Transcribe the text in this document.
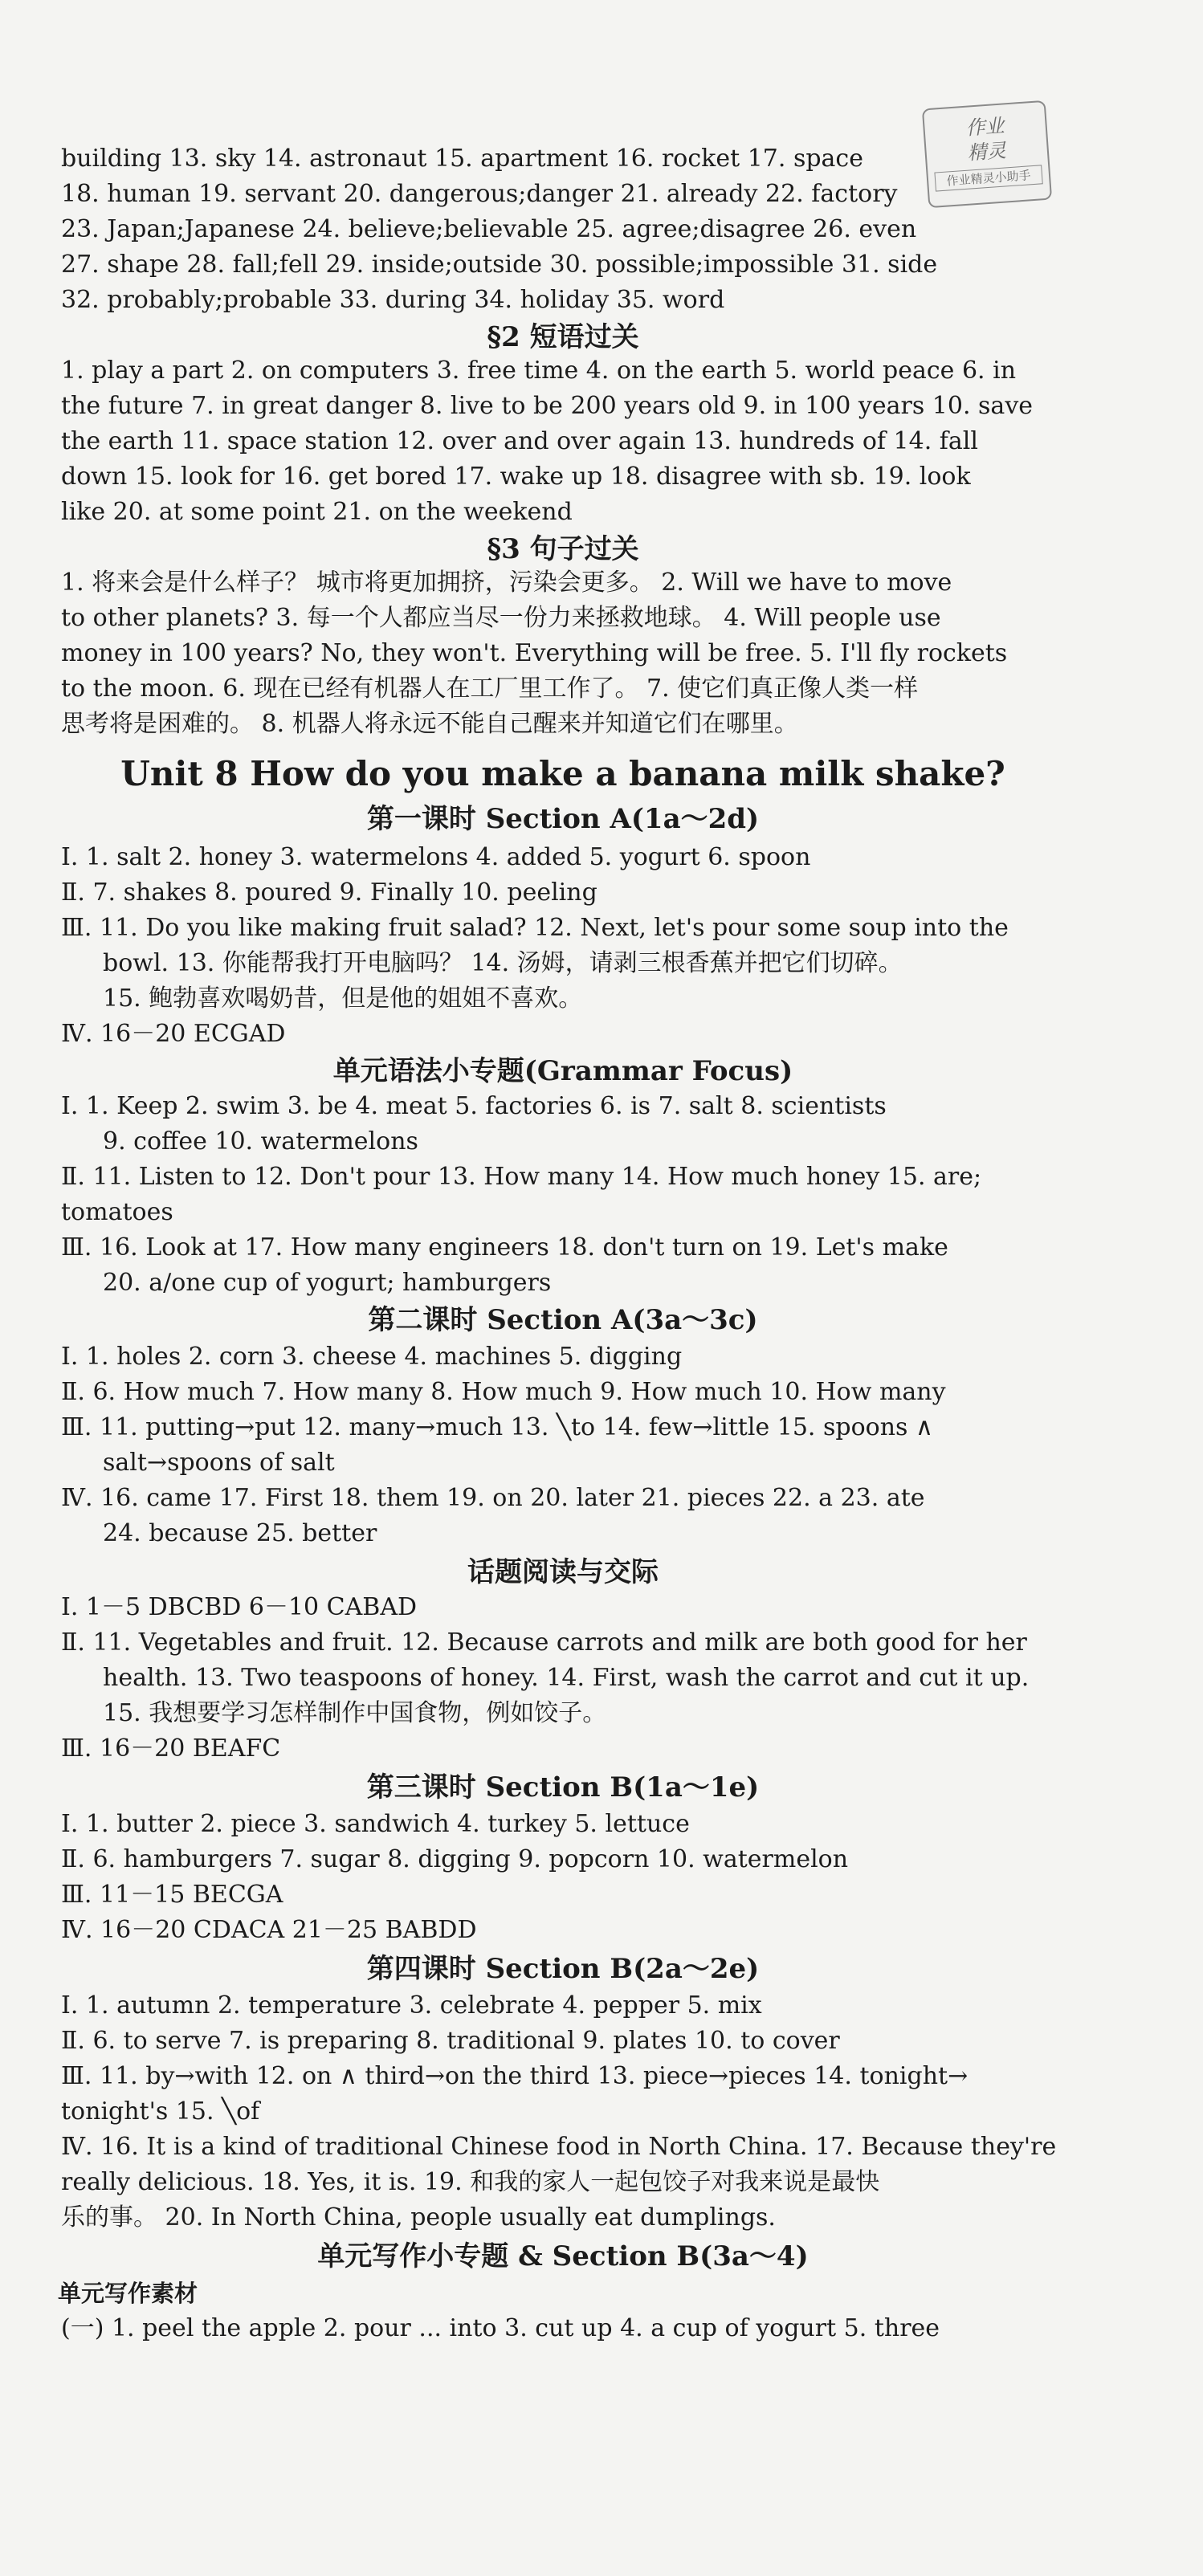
作业
精灵
作业精灵小助手
building 13. sky 14. astronaut 15. apartment 16. rocket 17. space
18. human 19. servant 20. dangerous;danger 21. already 22. factory
23. Japan;Japanese 24. believe;believable 25. agree;disagree 26. even
27. shape 28. fall;fell 29. inside;outside 30. possible;impossible 31. side
32. probably;probable 33. during 34. holiday 35. word
§2 短语过关
1. play a part 2. on computers 3. free time 4. on the earth 5. world peace 6. in
the future 7. in great danger 8. live to be 200 years old 9. in 100 years 10. save
the earth 11. space station 12. over and over again 13. hundreds of 14. fall
down 15. look for 16. get bored 17. wake up 18. disagree with sb. 19. look
like 20. at some point 21. on the weekend
§3 句子过关
1. 将来会是什么样子？ 城市将更加拥挤，污染会更多。 2. Will we have to move
to other planets? 3. 每一个人都应当尽一份力来拯救地球。 4. Will people use
money in 100 years? No, they won't. Everything will be free. 5. I'll fly rockets
to the moon. 6. 现在已经有机器人在工厂里工作了。 7. 使它们真正像人类一样
思考将是困难的。 8. 机器人将永远不能自己醒来并知道它们在哪里。
Unit 8 How do you make a banana milk shake?
第一课时 Section A(1a～2d)
Ⅰ. 1. salt 2. honey 3. watermelons 4. added 5. yogurt 6. spoon
Ⅱ. 7. shakes 8. poured 9. Finally 10. peeling
Ⅲ. 11. Do you like making fruit salad? 12. Next, let's pour some soup into the
bowl. 13. 你能帮我打开电脑吗？ 14. 汤姆，请剥三根香蕉并把它们切碎。
15. 鲍勃喜欢喝奶昔，但是他的姐姐不喜欢。
Ⅳ. 16－20 ECGAD
单元语法小专题(Grammar Focus)
Ⅰ. 1. Keep 2. swim 3. be 4. meat 5. factories 6. is 7. salt 8. scientists
9. coffee 10. watermelons
Ⅱ. 11. Listen to 12. Don't pour 13. How many 14. How much honey 15. are;
tomatoes
Ⅲ. 16. Look at 17. How many engineers 18. don't turn on 19. Let's make
20. a/one cup of yogurt; hamburgers
第二课时 Section A(3a～3c)
Ⅰ. 1. holes 2. corn 3. cheese 4. machines 5. digging
Ⅱ. 6. How much 7. How many 8. How much 9. How much 10. How many
Ⅲ. 11. putting→put 12. many→much 13. ╲to 14. few→little 15. spoons ∧
salt→spoons of salt
Ⅳ. 16. came 17. First 18. them 19. on 20. later 21. pieces 22. a 23. ate
24. because 25. better
话题阅读与交际
Ⅰ. 1－5 DBCBD 6－10 CABAD
Ⅱ. 11. Vegetables and fruit. 12. Because carrots and milk are both good for her
health. 13. Two teaspoons of honey. 14. First, wash the carrot and cut it up.
15. 我想要学习怎样制作中国食物，例如饺子。
Ⅲ. 16－20 BEAFC
第三课时 Section B(1a～1e)
Ⅰ. 1. butter 2. piece 3. sandwich 4. turkey 5. lettuce
Ⅱ. 6. hamburgers 7. sugar 8. digging 9. popcorn 10. watermelon
Ⅲ. 11－15 BECGA
Ⅳ. 16－20 CDACA 21－25 BABDD
第四课时 Section B(2a～2e)
Ⅰ. 1. autumn 2. temperature 3. celebrate 4. pepper 5. mix
Ⅱ. 6. to serve 7. is preparing 8. traditional 9. plates 10. to cover
Ⅲ. 11. by→with 12. on ∧ third→on the third 13. piece→pieces 14. tonight→
tonight's 15. ╲of
Ⅳ. 16. It is a kind of traditional Chinese food in North China. 17. Because they're
really delicious. 18. Yes, it is. 19. 和我的家人一起包饺子对我来说是最快
乐的事。 20. In North China, people usually eat dumplings.
单元写作小专题 & Section B(3a～4)
单元写作素材
(一) 1. peel the apple 2. pour ... into 3. cut up 4. a cup of yogurt 5. three
